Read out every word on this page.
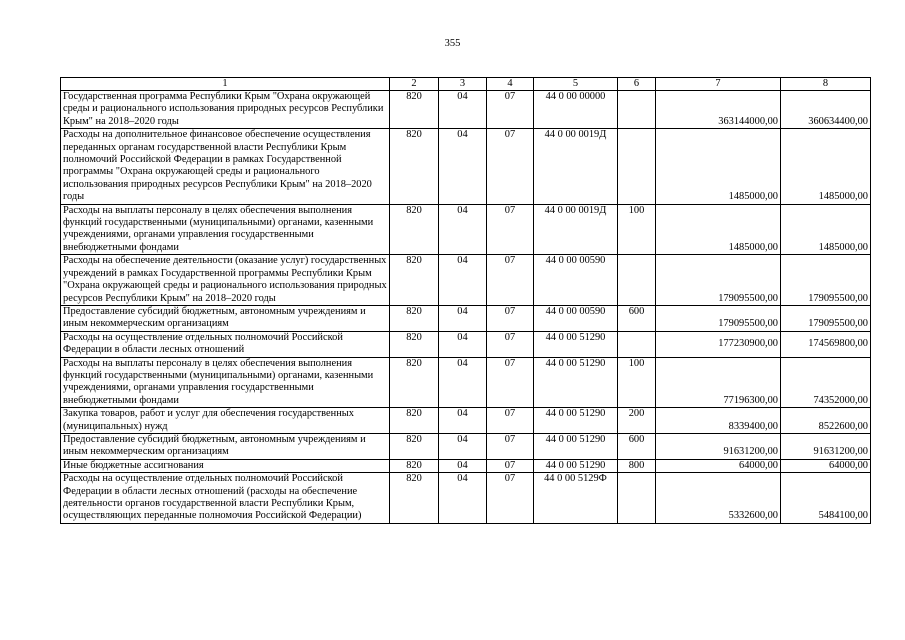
355
1	2	3	4	5	6	7	8
Государственная программа Республики Крым "Охрана окружающей среды и рационального использования природных ресурсов Республики Крым" на 2018–2020 годы	820	04	07	44 0 00 00000		363144000,00	360634400,00
Расходы на дополнительное финансовое обеспечение осуществления переданных органам государственной власти Республики Крым полномочий Российской Федерации в рамках Государственной программы "Охрана окружающей среды и рационального использования природных ресурсов Республики Крым" на 2018–2020 годы	820	04	07	44 0 00 0019Д		1485000,00	1485000,00
Расходы на выплаты персоналу в целях обеспечения выполнения функций государственными (муниципальными) органами, казенными учреждениями, органами управления государственными внебюджетными фондами	820	04	07	44 0 00 0019Д	100	1485000,00	1485000,00
Расходы на обеспечение деятельности (оказание услуг) государственных учреждений в рамках Государственной программы Республики Крым "Охрана окружающей среды и рационального использования природных ресурсов Республики Крым" на 2018–2020 годы	820	04	07	44 0 00 00590		179095500,00	179095500,00
Предоставление субсидий бюджетным, автономным учреждениям и иным некоммерческим организациям	820	04	07	44 0 00 00590	600	179095500,00	179095500,00
Расходы на осуществление отдельных полномочий Российской Федерации в области лесных отношений	820	04	07	44 0 00 51290		177230900,00	174569800,00
Расходы на выплаты персоналу в целях обеспечения выполнения функций государственными (муниципальными) органами, казенными учреждениями, органами управления государственными внебюджетными фондами	820	04	07	44 0 00 51290	100	77196300,00	74352000,00
Закупка товаров, работ и услуг для обеспечения государственных (муниципальных) нужд	820	04	07	44 0 00 51290	200	8339400,00	8522600,00
Предоставление субсидий бюджетным, автономным учреждениям и иным некоммерческим организациям	820	04	07	44 0 00 51290	600	91631200,00	91631200,00
Иные бюджетные ассигнования	820	04	07	44 0 00 51290	800	64000,00	64000,00
Расходы на осуществление отдельных полномочий Российской Федерации в области лесных отношений (расходы на обеспечение деятельности органов государственной власти Республики Крым, осуществляющих переданные полномочия Российской Федерации)	820	04	07	44 0 00 5129Ф		5332600,00	5484100,00
